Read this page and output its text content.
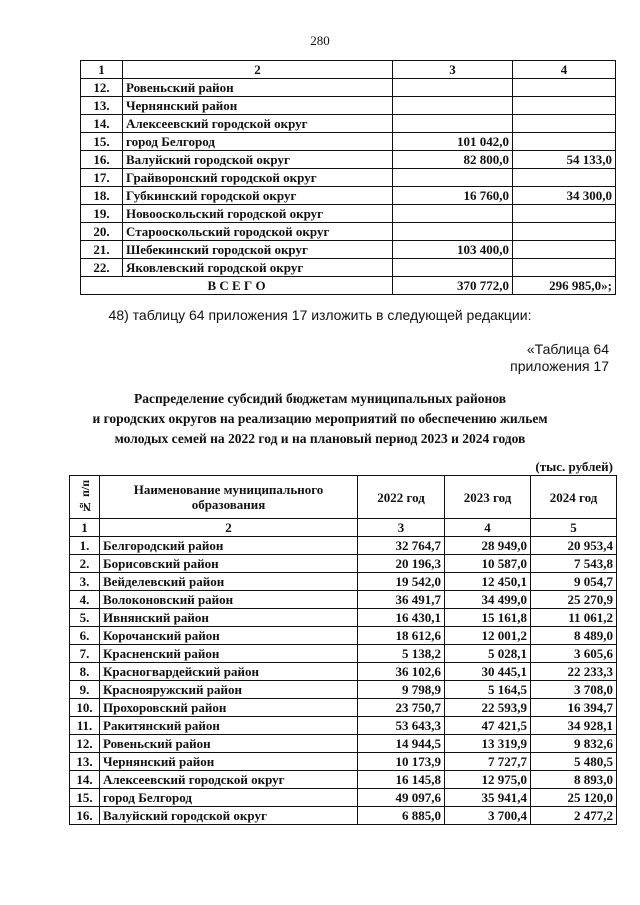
280
1	2	3	4
12.	Ровеньский район		
13.	Чернянский район		
14.	Алексеевский городской округ		
15.	город Белгород	101 042,0	
16.	Валуйский городской округ	82 800,0	54 133,0
17.	Грайворонский городской округ		
18.	Губкинский городской округ	16 760,0	34 300,0
19.	Новооскольский городской округ		
20.	Старооскольский городской округ		
21.	Шебекинский городской округ	103 400,0	
22.	Яковлевский городской округ		
В С Е Г О		370 772,0	296 985,0»;
48) таблицу 64 приложения 17 изложить в следующей редакции:
«Таблица 64
приложения 17
Распределение субсидий бюджетам муниципальных районов
и городских округов на реализацию мероприятий по обеспечению жильем
молодых семей на 2022 год и на плановый период 2023 и 2024 годов
(тыс. рублей)
№ п/п	Наименование муниципального образования	2022 год	2023 год	2024 год
1	2	3	4	5
1.	Белгородский район	32 764,7	28 949,0	20 953,4
2.	Борисовский район	20 196,3	10 587,0	7 543,8
3.	Вейделевский район	19 542,0	12 450,1	9 054,7
4.	Волоконовский район	36 491,7	34 499,0	25 270,9
5.	Ивнянский район	16 430,1	15 161,8	11 061,2
6.	Корочанский район	18 612,6	12 001,2	8 489,0
7.	Красненский район	5 138,2	5 028,1	3 605,6
8.	Красногвардейский район	36 102,6	30 445,1	22 233,3
9.	Краснояружский район	9 798,9	5 164,5	3 708,0
10.	Прохоровский район	23 750,7	22 593,9	16 394,7
11.	Ракитянский район	53 643,3	47 421,5	34 928,1
12.	Ровеньский район	14 944,5	13 319,9	9 832,6
13.	Чернянский район	10 173,9	7 727,7	5 480,5
14.	Алексеевский городской округ	16 145,8	12 975,0	8 893,0
15.	город Белгород	49 097,6	35 941,4	25 120,0
16.	Валуйский городской округ	6 885,0	3 700,4	2 477,2
